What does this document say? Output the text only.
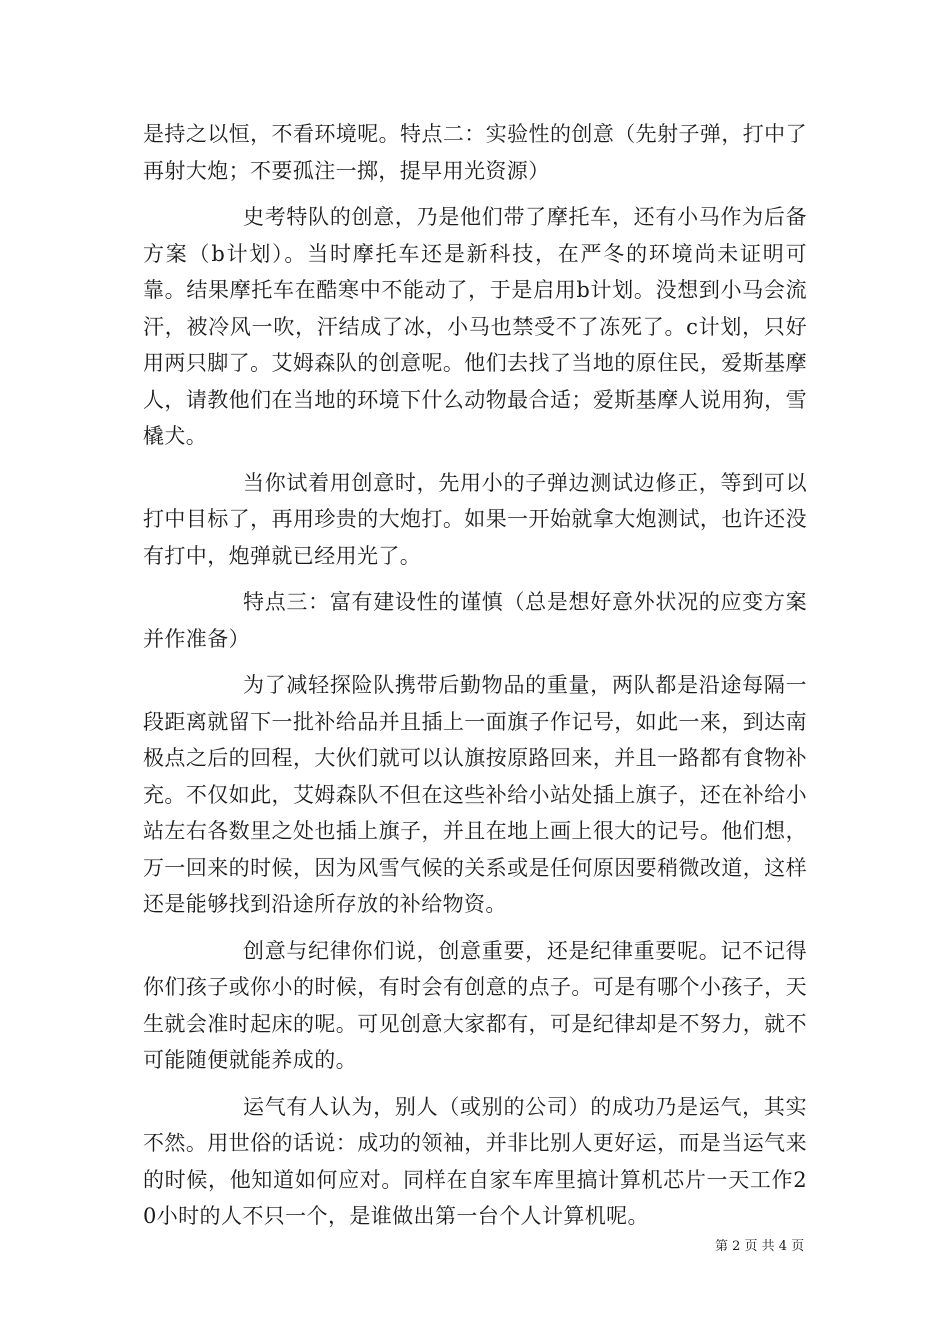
是持之以恒，不看环境呢。特点二：实验性的创意（先射子弹，打中了再射大炮；不要孤注一掷，提早用光资源）

史考特队的创意，乃是他们带了摩托车，还有小马作为后备方案（b计划）。当时摩托车还是新科技，在严冬的环境尚未证明可靠。结果摩托车在酷寒中不能动了，于是启用b计划。没想到小马会流汗，被冷风一吹，汗结成了冰，小马也禁受不了冻死了。c计划，只好用两只脚了。艾姆森队的创意呢。他们去找了当地的原住民，爱斯基摩人，请教他们在当地的环境下什么动物最合适；爱斯基摩人说用狗，雪橇犬。

当你试着用创意时，先用小的子弹边测试边修正，等到可以打中目标了，再用珍贵的大炮打。如果一开始就拿大炮测试，也许还没有打中，炮弹就已经用光了。

特点三：富有建设性的谨慎（总是想好意外状况的应变方案并作准备）

为了减轻探险队携带后勤物品的重量，两队都是沿途每隔一段距离就留下一批补给品并且插上一面旗子作记号，如此一来，到达南极点之后的回程，大伙们就可以认旗按原路回来，并且一路都有食物补充。不仅如此，艾姆森队不但在这些补给小站处插上旗子，还在补给小站左右各数里之处也插上旗子，并且在地上画上很大的记号。他们想，万一回来的时候，因为风雪气候的关系或是任何原因要稍微改道，这样还是能够找到沿途所存放的补给物资。

创意与纪律你们说，创意重要，还是纪律重要呢。记不记得你们孩子或你小的时候，有时会有创意的点子。可是有哪个小孩子，天生就会准时起床的呢。可见创意大家都有，可是纪律却是不努力，就不可能随便就能养成的。

运气有人认为，别人（或别的公司）的成功乃是运气，其实不然。用世俗的话说：成功的领袖，并非比别人更好运，而是当运气来的时候，他知道如何应对。同样在自家车库里搞计算机芯片一天工作20小时的人不只一个，是谁做出第一台个人计算机呢。

第 2 页 共 4 页
